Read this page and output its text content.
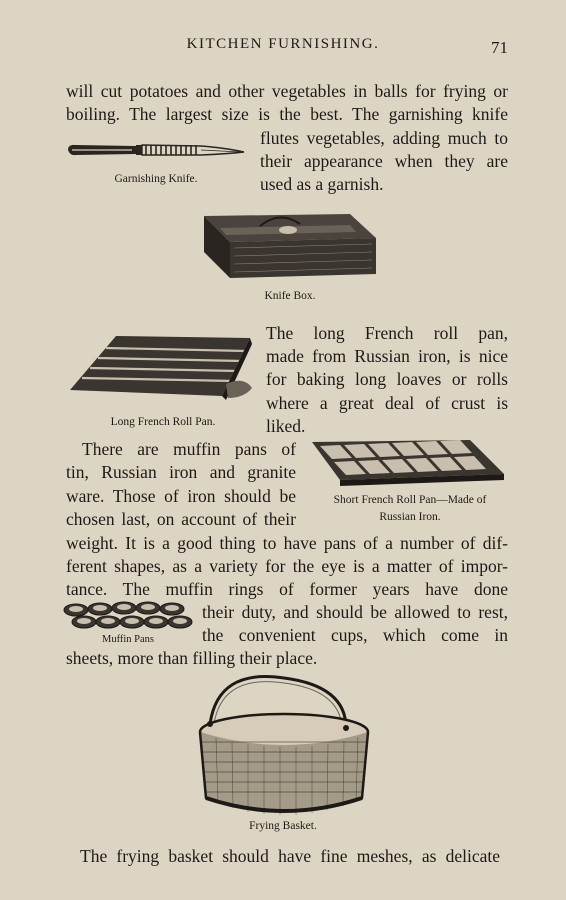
KITCHEN FURNISHING.	71
will cut potatoes and other vegetables in balls for frying or
boiling. The largest size is the best. The garnishing knife
flutes vegetables, adding much to
their appearance when they are
used as a garnish.
Garnishing Knife.
Knife Box.
The long French roll pan,
made from Russian iron, is nice
for baking long loaves or rolls
where a great deal of crust is
liked.
Long French Roll Pan.
There are muffin pans of
tin, Russian iron and granite
ware. Those of iron should be
chosen last, on account of their
Short French Roll Pan—Made of
Russian Iron.
weight. It is a good thing to have pans of a number of dif-
ferent shapes, as a variety for the eye is a matter of impor-
tance. The muffin rings of former years have done
their duty, and should be allowed to rest,
the convenient cups, which come in
sheets, more than filling their place.
Muffin Pans
Frying Basket.
The frying basket should have fine meshes, as delicate
